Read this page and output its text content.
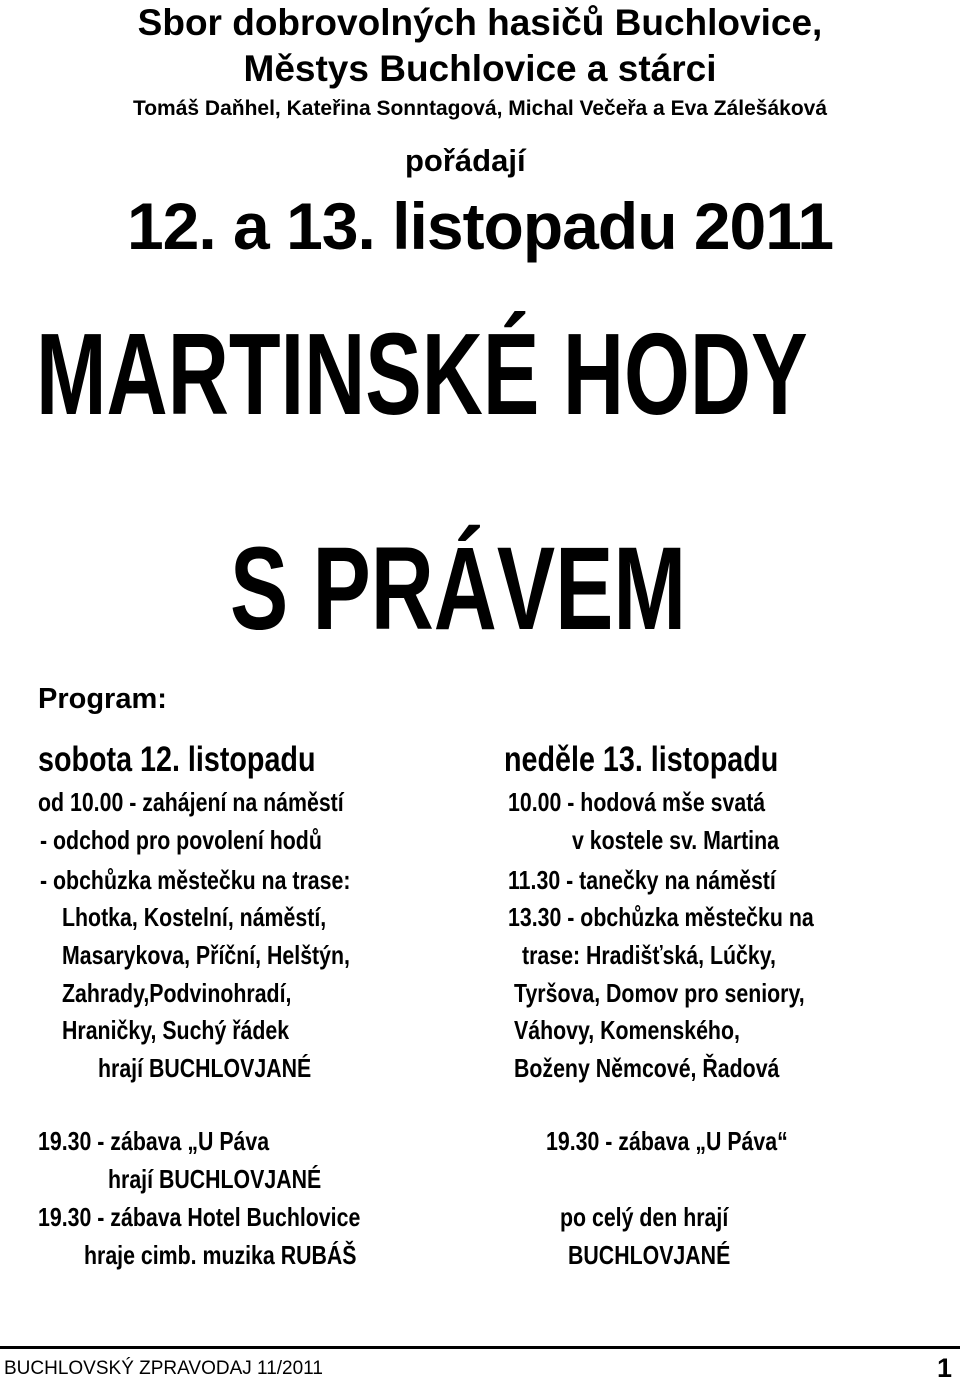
Sbor dobrovolných hasičů Buchlovice,
Městys Buchlovice a stárci
Tomáš Daňhel, Kateřina Sonntagová, Michal Večeřa a Eva Zálešáková
pořádají
12. a 13. listopadu 2011
MARTINSKÉ HODY
S PRÁVEM
Program:
sobota 12. listopadu
od 10.00 - zahájení na náměstí
- odchod pro povolení hodů
- obchůzka městečku na trase:
Lhotka, Kostelní, náměstí,
Masarykova, Příční, Helštýn,
Zahrady,Podvinohradí,
Hraničky, Suchý řádek
hrají BUCHLOVJANÉ
19.30 - zábava „U Páva
hrají BUCHLOVJANÉ
19.30 - zábava Hotel Buchlovice
hraje cimb. muzika RUBÁŠ
neděle 13. listopadu
10.00 - hodová mše svatá
v kostele sv. Martina
11.30 - tanečky na náměstí
13.30 - obchůzka městečku na
trase: Hradišťská, Lúčky,
Tyršova, Domov pro seniory,
Váhovy, Komenského,
Boženy Němcové, Řadová
19.30 - zábava „U Páva“
po celý den hrají
BUCHLOVJANÉ
BUCHLOVSKÝ ZPRAVODAJ 11/2011	1
